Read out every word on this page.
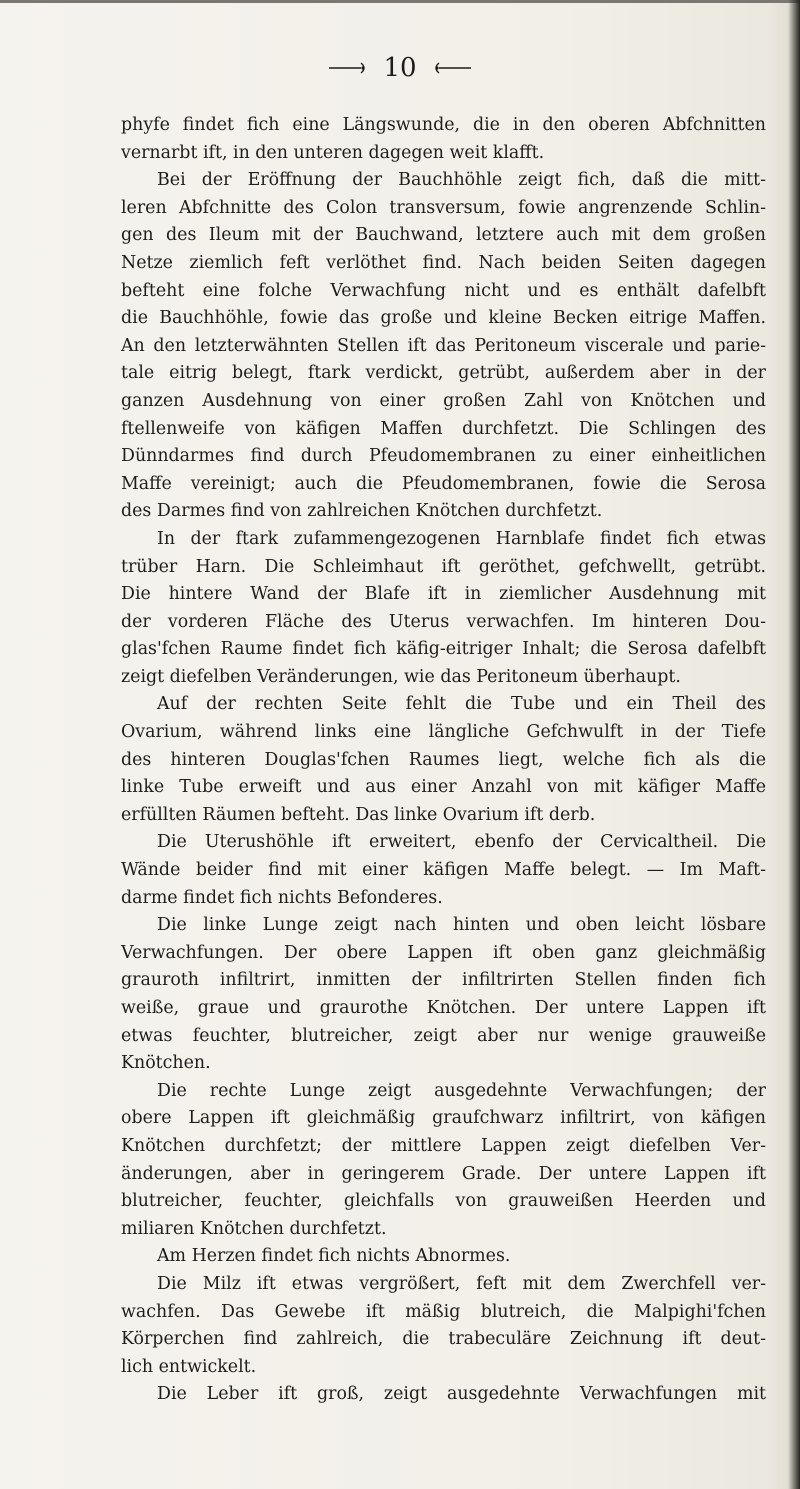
10
phyfe findet fich eine Längswunde, die in den oberen Abfchnitten
vernarbt ift, in den unteren dagegen weit klafft.
Bei der Eröffnung der Bauchhöhle zeigt fich, daß die mitt-
leren Abfchnitte des Colon transversum, fowie angrenzende Schlin-
gen des Ileum mit der Bauchwand, letztere auch mit dem großen
Netze ziemlich feft verlöthet find. Nach beiden Seiten dagegen
befteht eine folche Verwachfung nicht und es enthält dafelbft
die Bauchhöhle, fowie das große und kleine Becken eitrige Maffen.
An den letzterwähnten Stellen ift das Peritoneum viscerale und parie-
tale eitrig belegt, ftark verdickt, getrübt, außerdem aber in der
ganzen Ausdehnung von einer großen Zahl von Knötchen und
ftellenweife von käfigen Maffen durchfetzt. Die Schlingen des
Dünndarmes find durch Pfeudomembranen zu einer einheitlichen
Maffe vereinigt; auch die Pfeudomembranen, fowie die Serosa
des Darmes find von zahlreichen Knötchen durchfetzt.
In der ftark zufammengezogenen Harnblafe findet fich etwas
trüber Harn. Die Schleimhaut ift geröthet, gefchwellt, getrübt.
Die hintere Wand der Blafe ift in ziemlicher Ausdehnung mit
der vorderen Fläche des Uterus verwachfen. Im hinteren Dou-
glas'fchen Raume findet fich käfig-eitriger Inhalt; die Serosa dafelbft
zeigt diefelben Veränderungen, wie das Peritoneum überhaupt.
Auf der rechten Seite fehlt die Tube und ein Theil des
Ovarium, während links eine längliche Gefchwulft in der Tiefe
des hinteren Douglas'fchen Raumes liegt, welche fich als die
linke Tube erweift und aus einer Anzahl von mit käfiger Maffe
erfüllten Räumen befteht. Das linke Ovarium ift derb.
Die Uterushöhle ift erweitert, ebenfo der Cervicaltheil. Die
Wände beider find mit einer käfigen Maffe belegt. — Im Maft-
darme findet fich nichts Befonderes.
Die linke Lunge zeigt nach hinten und oben leicht lösbare
Verwachfungen. Der obere Lappen ift oben ganz gleichmäßig
grauroth infiltrirt, inmitten der infiltrirten Stellen finden fich
weiße, graue und graurothe Knötchen. Der untere Lappen ift
etwas feuchter, blutreicher, zeigt aber nur wenige grauweiße
Knötchen.
Die rechte Lunge zeigt ausgedehnte Verwachfungen; der
obere Lappen ift gleichmäßig graufchwarz infiltrirt, von käfigen
Knötchen durchfetzt; der mittlere Lappen zeigt diefelben Ver-
änderungen, aber in geringerem Grade. Der untere Lappen ift
blutreicher, feuchter, gleichfalls von grauweißen Heerden und
miliaren Knötchen durchfetzt.
Am Herzen findet fich nichts Abnormes.
Die Milz ift etwas vergrößert, feft mit dem Zwerchfell ver-
wachfen. Das Gewebe ift mäßig blutreich, die Malpighi'fchen
Körperchen find zahlreich, die trabeculäre Zeichnung ift deut-
lich entwickelt.
Die Leber ift groß, zeigt ausgedehnte Verwachfungen mit
